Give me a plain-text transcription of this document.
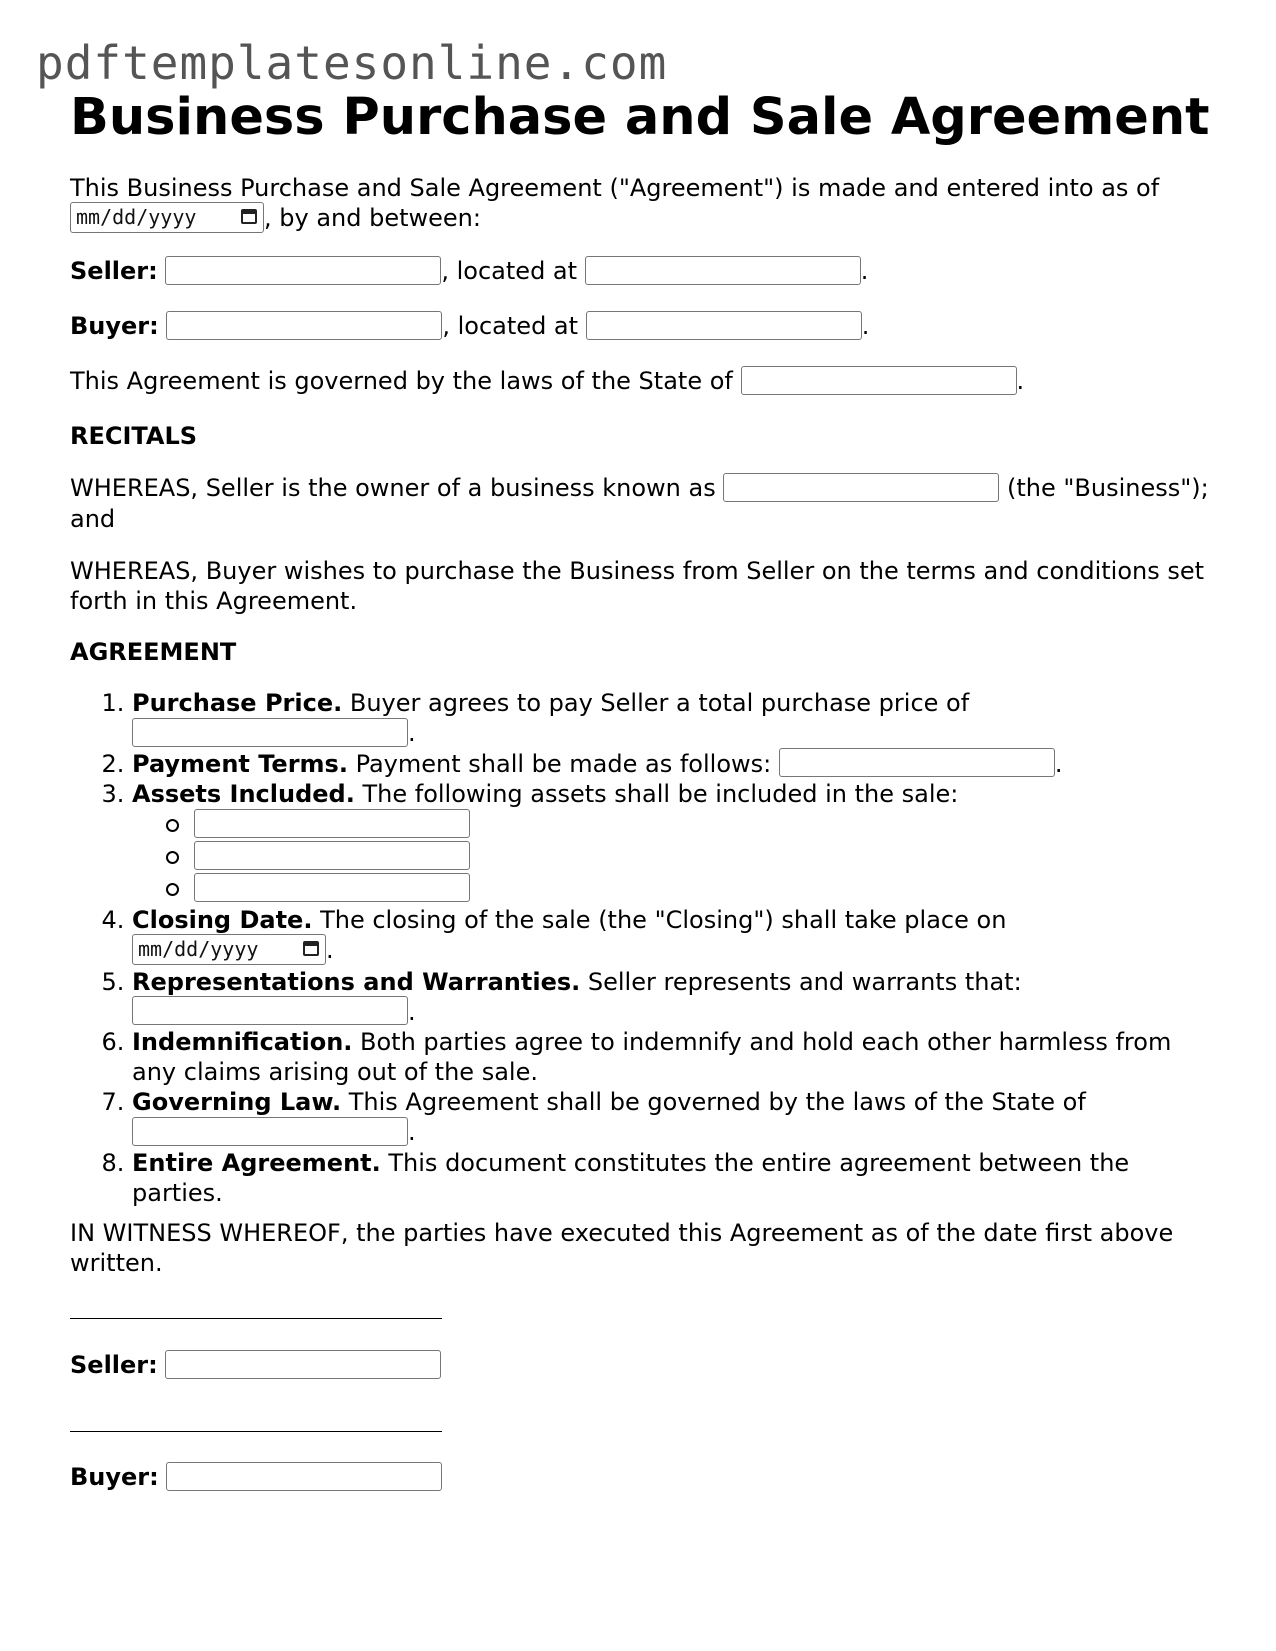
pdftemplatesonline.com
Business Purchase and Sale Agreement

This Business Purchase and Sale Agreement ("Agreement") is made and entered into as of
mm/dd/yyyy	, by and between:

Seller:	, located at	.

Buyer:	, located at	.

This Agreement is governed by the laws of the State of	.

RECITALS

WHEREAS, Seller is the owner of a business known as	(the "Business"); and

WHEREAS, Buyer wishes to purchase the Business from Seller on the terms and conditions set forth in this Agreement.

AGREEMENT

1. Purchase Price. Buyer agrees to pay Seller a total purchase price of
.
2. Payment Terms. Payment shall be made as follows:	.
3. Assets Included. The following assets shall be included in the sale:
4. Closing Date. The closing of the sale (the "Closing") shall take place on
mm/dd/yyyy	.
5. Representations and Warranties. Seller represents and warrants that:
.
6. Indemnification. Both parties agree to indemnify and hold each other harmless from any claims arising out of the sale.
7. Governing Law. This Agreement shall be governed by the laws of the State of
.
8. Entire Agreement. This document constitutes the entire agreement between the parties.

IN WITNESS WHEREOF, the parties have executed this Agreement as of the date first above written.

Seller:

Buyer:
